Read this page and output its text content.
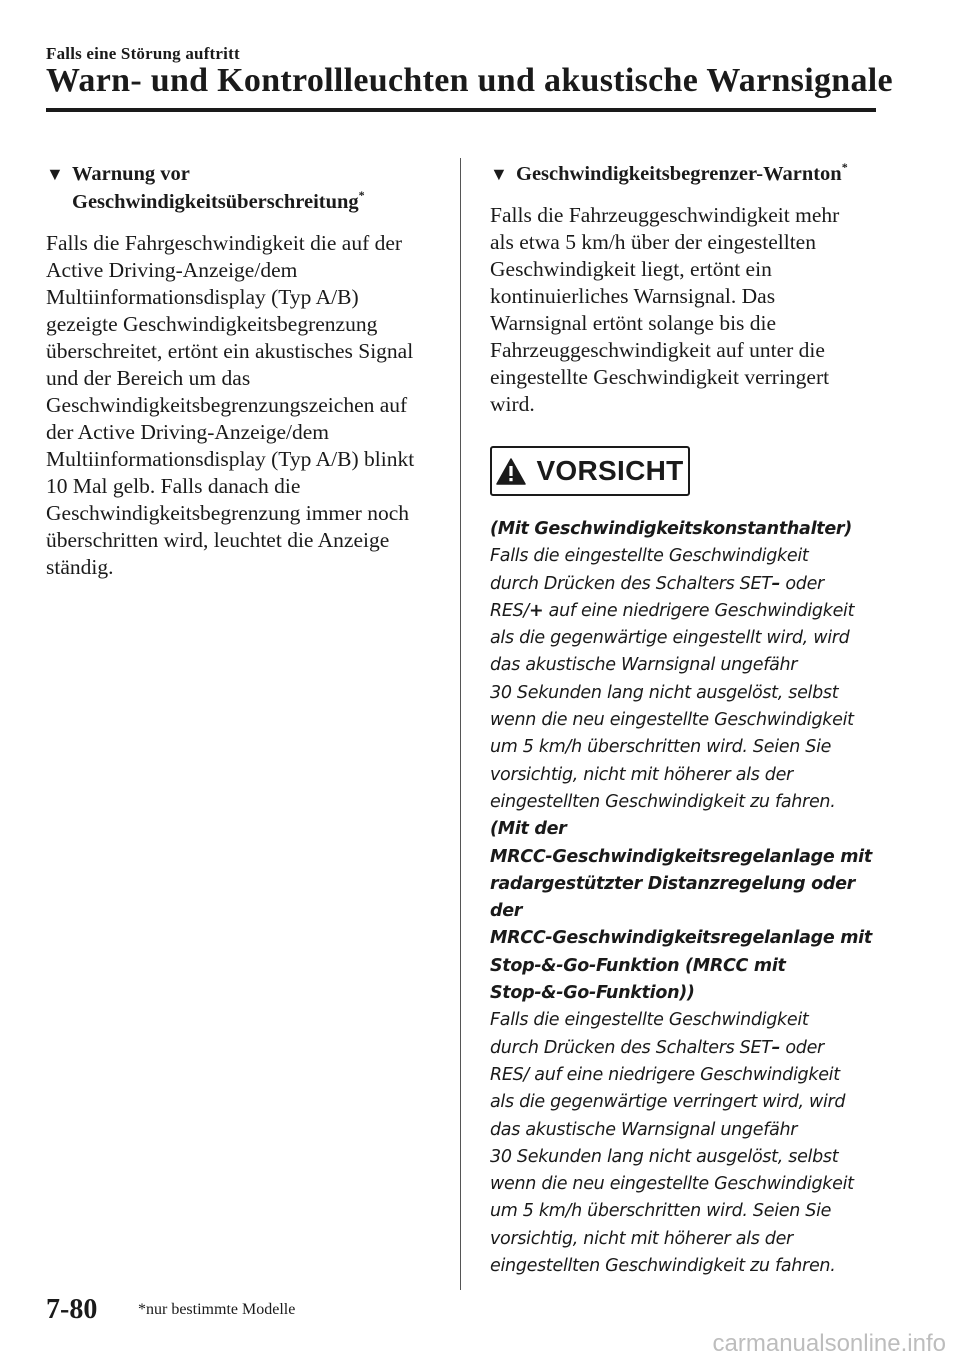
Falls eine Störung auftritt
Warn- und Kontrollleuchten und akustische Warnsignale
▼ Warnung vor
Geschwindigkeitsüberschreitung*
Falls die Fahrgeschwindigkeit die auf der
Active Driving-Anzeige/dem
Multiinformationsdisplay (Typ A/B)
gezeigte Geschwindigkeitsbegrenzung
überschreitet, ertönt ein akustisches Signal
und der Bereich um das
Geschwindigkeitsbegrenzungszeichen auf
der Active Driving-Anzeige/dem
Multiinformationsdisplay (Typ A/B) blinkt
10 Mal gelb. Falls danach die
Geschwindigkeitsbegrenzung immer noch
überschritten wird, leuchtet die Anzeige
ständig.
▼ Geschwindigkeitsbegrenzer-Warnton*
Falls die Fahrzeuggeschwindigkeit mehr
als etwa 5 km/h über der eingestellten
Geschwindigkeit liegt, ertönt ein
kontinuierliches Warnsignal. Das
Warnsignal ertönt solange bis die
Fahrzeuggeschwindigkeit auf unter die
eingestellte Geschwindigkeit verringert
wird.
VORSICHT
(Mit Geschwindigkeitskonstanthalter)
Falls die eingestellte Geschwindigkeit
durch Drücken des Schalters SET– oder
RES/+ auf eine niedrigere Geschwindigkeit
als die gegenwärtige eingestellt wird, wird
das akustische Warnsignal ungefähr
30 Sekunden lang nicht ausgelöst, selbst
wenn die neu eingestellte Geschwindigkeit
um 5 km/h überschritten wird. Seien Sie
vorsichtig, nicht mit höherer als der
eingestellten Geschwindigkeit zu fahren.
(Mit der
MRCC-Geschwindigkeitsregelanlage mit
radargestützter Distanzregelung oder der
MRCC-Geschwindigkeitsregelanlage mit
Stop-&-Go-Funktion (MRCC mit
Stop-&-Go-Funktion))
Falls die eingestellte Geschwindigkeit
durch Drücken des Schalters SET– oder
RES/ auf eine niedrigere Geschwindigkeit
als die gegenwärtige verringert wird, wird
das akustische Warnsignal ungefähr
30 Sekunden lang nicht ausgelöst, selbst
wenn die neu eingestellte Geschwindigkeit
um 5 km/h überschritten wird. Seien Sie
vorsichtig, nicht mit höherer als der
eingestellten Geschwindigkeit zu fahren.
7-80	*nur bestimmte Modelle
carmanualsonline.info
